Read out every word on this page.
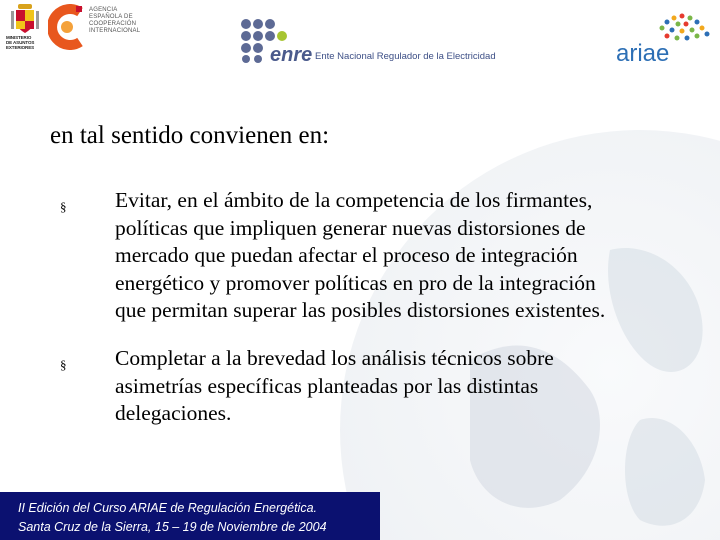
MINISTERIO
DE ASUNTOS
EXTERIORES
AGENCIA
ESPAÑOLA DE
COOPERACIÓN
INTERNACIONAL
enre Ente Nacional Regulador de la Electricidad	ariae
en tal sentido convienen en:
§ Evitar, en el ámbito de la competencia de los firmantes,
políticas que impliquen generar nuevas distorsiones de
mercado que puedan afectar el proceso de integración
energético y promover políticas en pro de la integración
que permitan superar las posibles distorsiones existentes.
§ Completar a la brevedad los análisis técnicos sobre
asimetrías específicas planteadas por las distintas
delegaciones.
II Edición del Curso ARIAE de Regulación Energética.
Santa Cruz de la Sierra, 15 – 19 de Noviembre de 2004
